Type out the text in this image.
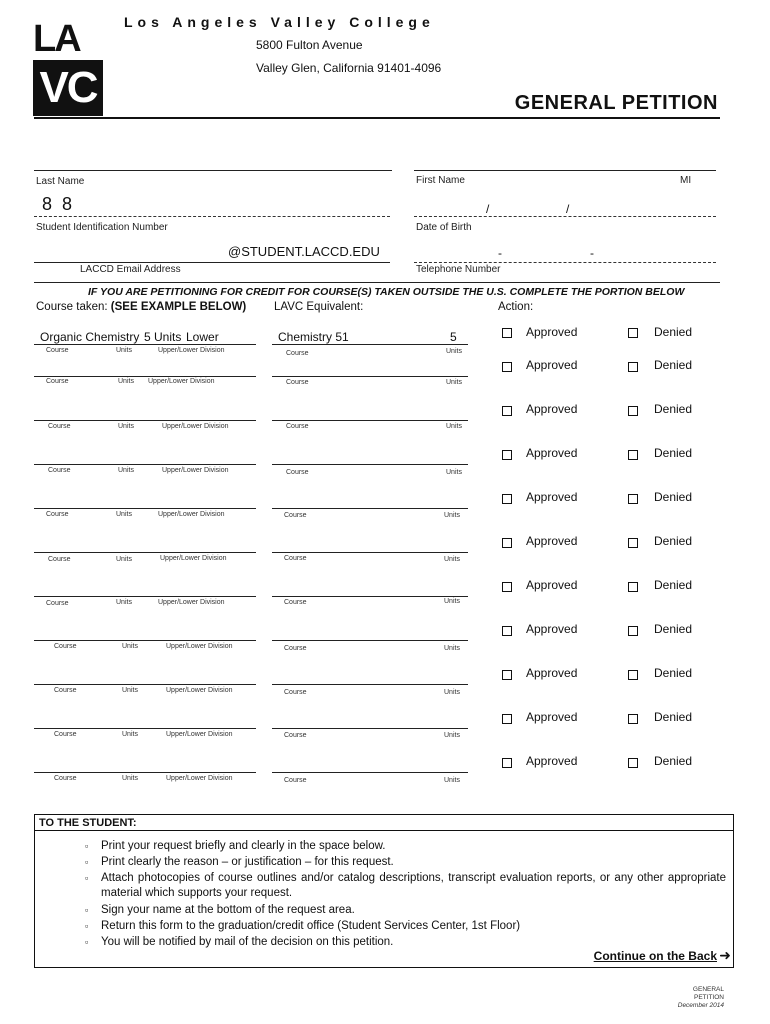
LA
VC
Los Angeles Valley College
5800 Fulton Avenue
Valley Glen, California 91401-4096
GENERAL PETITION
Last Name	First Name	MI
8  8
Student Identification Number
/	/
Date of Birth
@STUDENT.LACCD.EDU
LACCD Email Address
-	-
Telephone Number
IF YOU ARE PETITIONING FOR CREDIT FOR COURSE(S) TAKEN OUTSIDE THE U.S. COMPLETE THE PORTION BELOW
Course taken: (SEE EXAMPLE BELOW) LAVC Equivalent:	Action:
Organic Chemistry 5 Units Lower	Chemistry 51	5
Course	Units	Upper/Lower Division	Course	Units
Approved	Denied
Course	Units Upper/Lower Division	Course	Units
Approved	Denied
Course	Units	Upper/Lower Division	Course	Units
Approved	Denied
Course	Units	Upper/Lower Division	Course	Units
Approved	Denied
Course	Units	Upper/Lower Division	Course	Units
Approved	Denied
Course	Units	Upper/Lower Division	Course	Units
Approved	Denied
Course	Units	Upper/Lower Division	Course	Units
Approved	Denied
Course	Units	Upper/Lower Division	Course	Units
Approved	Denied
Course	Units	Upper/Lower Division	Course	Units
Approved	Denied
Course	Units	Upper/Lower Division	Course	Units
Approved	Denied
Course	Units	Upper/Lower Division	Course	Units
Approved	Denied
TO THE STUDENT:
▫ Print your request briefly and clearly in the space below.
▫ Print clearly the reason – or justification – for this request.
▫ Attach photocopies of course outlines and/or catalog descriptions, transcript evaluation reports, or any other appropriate material which supports your request.
▫ Sign your name at the bottom of the request area.
▫ Return this form to the graduation/credit office (Student Services Center, 1st Floor)
▫ You will be notified by mail of the decision on this petition.
Continue on the Back ➜
GENERAL PETITION
December 2014
